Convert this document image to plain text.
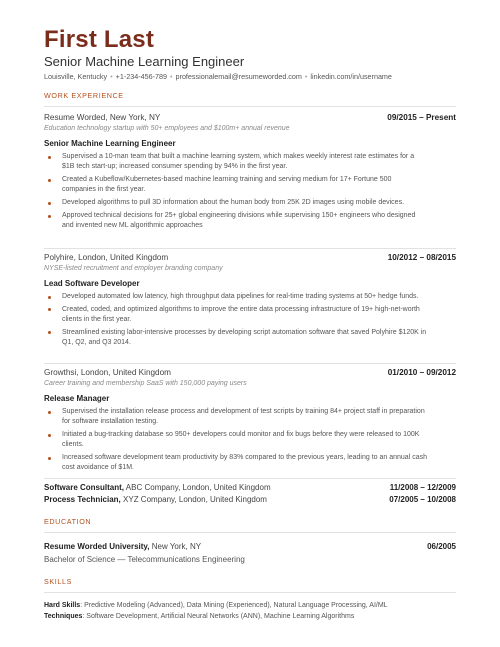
First Last
Senior Machine Learning Engineer
Louisville, Kentucky • +1-234-456-789 • professionalemail@resumeworded.com • linkedin.com/in/username
WORK EXPERIENCE
Resume Worded, New York, NY	09/2015 – Present
Education technology startup with 50+ employees and $100m+ annual revenue
Senior Machine Learning Engineer
Supervised a 10-man team that built a machine learning system, which makes weekly interest rate estimates for a $1B tech start-up; increased consumer spending by 94% in the first year.
Created a Kubeflow/Kubernetes-based machine learning training and serving medium for 17+ Fortune 500 companies in the first year.
Developed algorithms to pull 3D information about the human body from 25K 2D images using mobile devices.
Approved technical decisions for 25+ global engineering divisions while supervising 150+ engineers who designed and invented new ML algorithmic approaches
Polyhire, London, United Kingdom	10/2012 – 08/2015
NYSE-listed recruitment and employer branding company
Lead Software Developer
Developed automated low latency, high throughput data pipelines for real-time trading systems at 50+ hedge funds.
Created, coded, and optimized algorithms to improve the entire data processing infrastructure of 19+ high-net-worth clients in the first year.
Streamlined existing labor-intensive processes by developing script automation software that saved Polyhire $120K in Q1, Q2, and Q3 2014.
Growthsi, London, United Kingdom	01/2010 – 09/2012
Career training and membership SaaS with 150,000 paying users
Release Manager
Supervised the installation release process and development of test scripts by training 84+ project staff in preparation for software installation testing.
Initiated a bug-tracking database so 950+ developers could monitor and fix bugs before they were released to 100K clients.
Increased software development team productivity by 83% compared to the previous years, leading to an annual cash cost avoidance of $1M.
Software Consultant, ABC Company, London, United Kingdom	11/2008 – 12/2009
Process Technician, XYZ Company, London, United Kingdom	07/2005 – 10/2008
EDUCATION
Resume Worded University, New York, NY	06/2005
Bachelor of Science — Telecommunications Engineering
SKILLS
Hard Skills: Predictive Modeling (Advanced), Data Mining (Experienced), Natural Language Processing, AI/ML
Techniques: Software Development, Artificial Neural Networks (ANN), Machine Learning Algorithms
